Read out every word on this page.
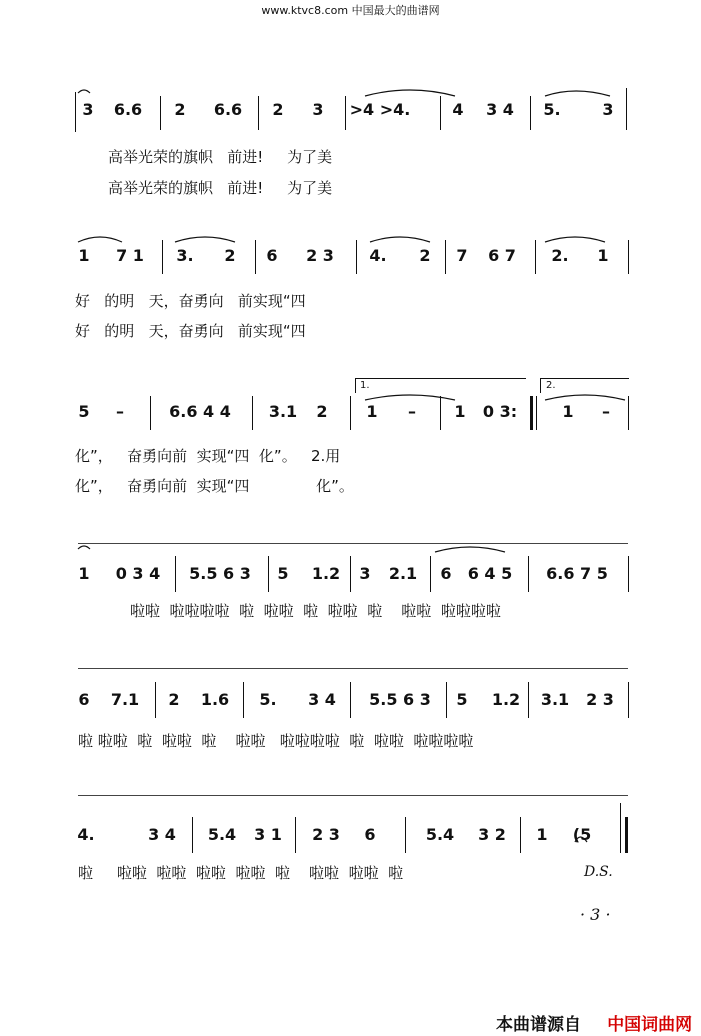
www.ktvc8.com 中国最大的曲谱网
3 6.6 2 6.6 2 3 >4 >4.	4 3 4 5.	3
高举光荣的旗帜   前进!     为了美
高举光荣的旗帜   前进!     为了美
1 7 1 3. 2 6 2 3 4. 2 7 6 7 2. 1
好   的明   天，奋勇向   前实现“四
好   的明   天，奋勇向   前实现“四
1.	2.
5 –	6.6 4 4 3.1 2 1 – 1 0 3:	1 –
化”，   奋勇向前  实现“四  化”。   2.用
化”，   奋勇向前  实现“四              化”。
1 0 3 4 5.5 6 3 5 1.2 3 2.1 6 6 4 5 6.6 7 5
啦啦  啦啦啦啦  啦  啦啦  啦  啦啦  啦    啦啦  啦啦啦啦
6 7.1 2 1.6 5. 3 4 5.5 6 3 5 1.2 3.1 2 3
啦 啦啦  啦  啦啦  啦    啦啦   啦啦啦啦  啦  啦啦  啦啦啦啦
4.	3 4 5.4 3 1 2 3 6	5.4 3 2 1 (5
啦     啦啦  啦啦  啦啦  啦啦  啦    啦啦  啦啦  啦	D.S.
· 3 ·
本曲谱源自 中国词曲网
